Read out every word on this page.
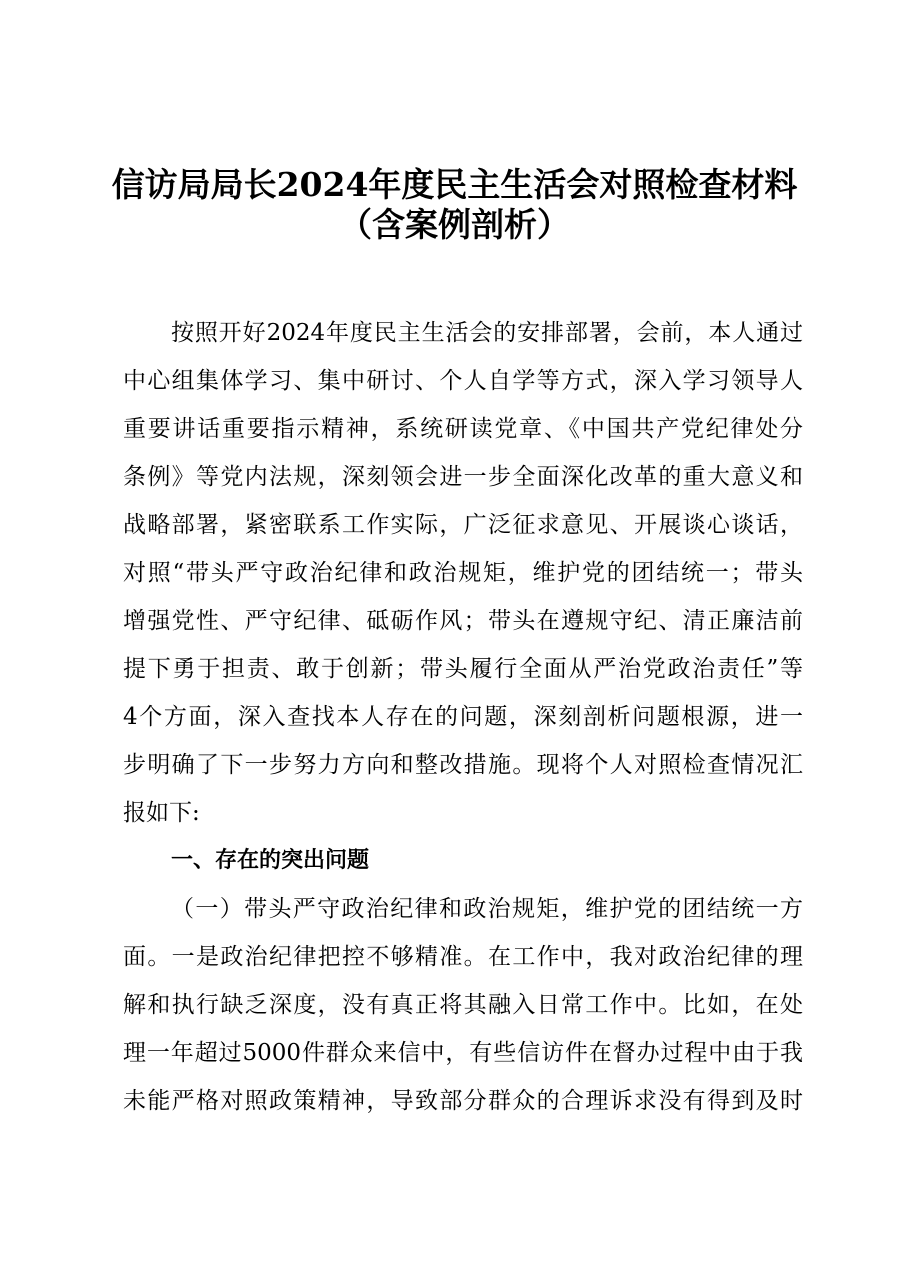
信访局局长2024年度民主生活会对照检查材料
（含案例剖析）
按照开好2024年度民主生活会的安排部署，会前，本人通过
中心组集体学习、集中研讨、个人自学等方式，深入学习领导人
重要讲话重要指示精神，系统研读党章、《中国共产党纪律处分
条例》等党内法规，深刻领会进一步全面深化改革的重大意义和
战略部署，紧密联系工作实际，广泛征求意见、开展谈心谈话，
对照“带头严守政治纪律和政治规矩，维护党的团结统一；带头
增强党性、严守纪律、砥砺作风；带头在遵规守纪、清正廉洁前
提下勇于担责、敢于创新；带头履行全面从严治党政治责任”等
4个方面，深入查找本人存在的问题，深刻剖析问题根源，进一
步明确了下一步努力方向和整改措施。现将个人对照检查情况汇
报如下:
一、存在的突出问题
（一）带头严守政治纪律和政治规矩，维护党的团结统一方
面。一是政治纪律把控不够精准。在工作中，我对政治纪律的理
解和执行缺乏深度，没有真正将其融入日常工作中。比如，在处
理一年超过5000件群众来信中，有些信访件在督办过程中由于我
未能严格对照政策精神，导致部分群众的合理诉求没有得到及时
